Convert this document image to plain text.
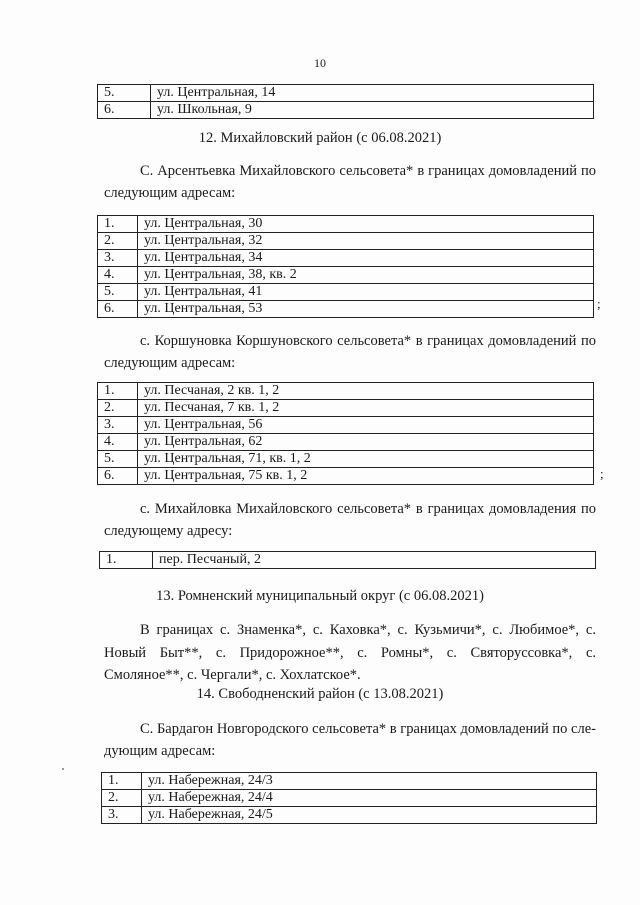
10
5.	ул. Центральная, 14
6.	ул. Школьная, 9
12. Михайловский район (с 06.08.2021)
С. Арсентьевка Михайловского сельсовета* в границах домовладений по
следующим адресам:
1.	ул. Центральная, 30
2.	ул. Центральная, 32
3.	ул. Центральная, 34
4.	ул. Центральная, 38, кв. 2
5.	ул. Центральная, 41
6.	ул. Центральная, 53	;
с. Коршуновка Коршуновского сельсовета* в границах домовладений по
следующим адресам:
1.	ул. Песчаная, 2 кв. 1, 2
2.	ул. Песчаная, 7 кв. 1, 2
3.	ул. Центральная, 56
4.	ул. Центральная, 62
5.	ул. Центральная, 71, кв. 1, 2
6.	ул. Центральная, 75 кв. 1, 2	;
с. Михайловка Михайловского сельсовета* в границах домовладения по
следующему адресу:
1.	пер. Песчаный, 2
13. Ромненский муниципальный округ (с 06.08.2021)
В границах с. Знаменка*, с. Каховка*, с. Кузьмичи*, с. Любимое*, с. Новый Быт**, с. Придорожное**, с. Ромны*, с. Святоруссовка*, с. Смоляное**, с. Чергали*, с. Хохлатское*.
14. Свободненский район (с 13.08.2021)
С. Бардагон Новгородского сельсовета* в границах домовладений по сле-
дующим адресам:
1.	ул. Набережная, 24/3
2.	ул. Набережная, 24/4
3.	ул. Набережная, 24/5
